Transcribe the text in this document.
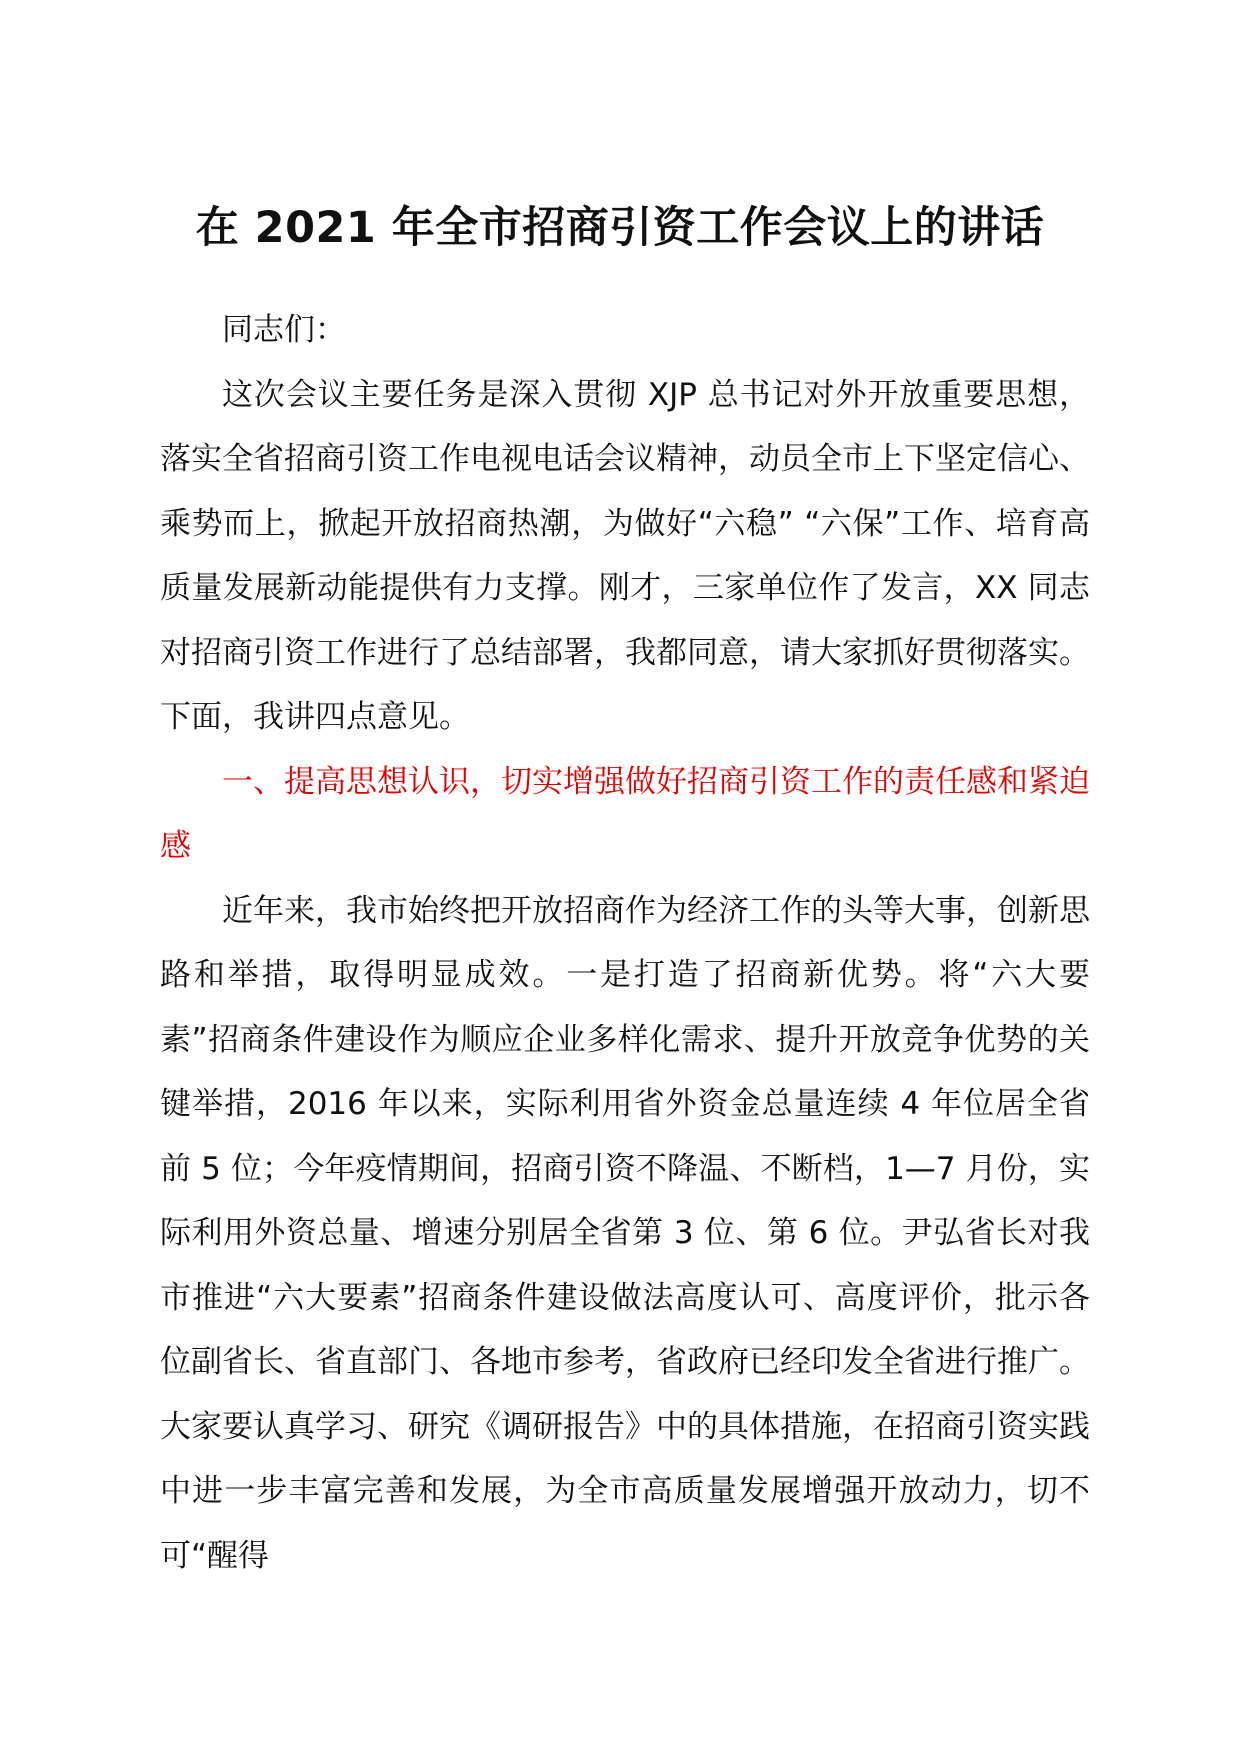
在 2021 年全市招商引资工作会议上的讲话

同志们：

这次会议主要任务是深入贯彻 XJP 总书记对外开放重要思想，落实全省招商引资工作电视电话会议精神，动员全市上下坚定信心、乘势而上，掀起开放招商热潮，为做好“六稳” “六保”工作、培育高质量发展新动能提供有力支撑。刚才，三家单位作了发言，XX 同志对招商引资工作进行了总结部署，我都同意，请大家抓好贯彻落实。下面，我讲四点意见。

一、提高思想认识，切实增强做好招商引资工作的责任感和紧迫感

近年来，我市始终把开放招商作为经济工作的头等大事，创新思路和举措，取得明显成效。一是打造了招商新优势。将“六大要素”招商条件建设作为顺应企业多样化需求、提升开放竞争优势的关键举措，2016 年以来，实际利用省外资金总量连续 4 年位居全省前 5 位；今年疫情期间，招商引资不降温、不断档，1—7 月份，实际利用外资总量、增速分别居全省第 3 位、第 6 位。尹弘省长对我市推进“六大要素”招商条件建设做法高度认可、高度评价，批示各位副省长、省直部门、各地市参考，省政府已经印发全省进行推广。大家要认真学习、研究《调研报告》中的具体措施，在招商引资实践中进一步丰富完善和发展，为全市高质量发展增强开放动力，切不可“醒得
